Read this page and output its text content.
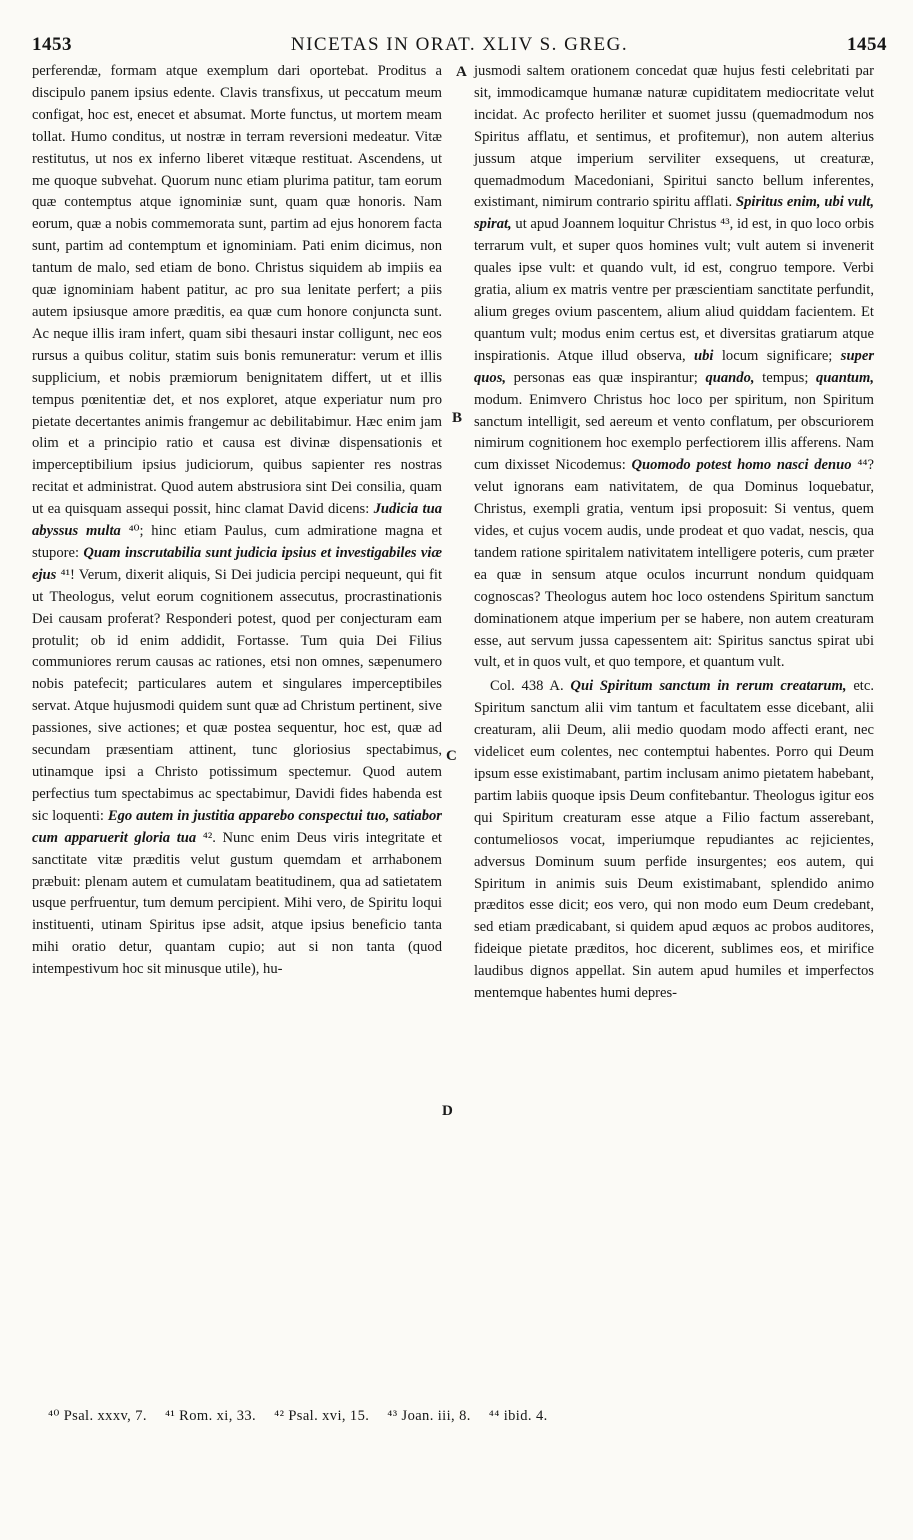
1453	NICETAS IN ORAT. XLIV S. GREG.	1454

perferendæ, formam atque exemplum dari oportebat. Proditus a discipulo panem ipsius edente. Clavis transfixus, ut peccatum meum configat, hoc est, enecet et absumat. Morte functus, ut mortem meam tollat. Humo conditus, ut nostræ in terram reversioni medeatur. Vitæ restitutus, ut nos ex inferno liberet vitæque restituat. Ascendens, ut me quoque subvehat. Quorum nunc etiam plurima patitur, tam eorum quæ contemptus atque ignominiæ sunt, quam quæ honoris. Nam eorum, quæ a nobis commemorata sunt, partim ad ejus honorem facta sunt, partim ad contemptum et ignominiam. Pati enim dicimus, non tantum de malo, sed etiam de bono. Christus siquidem ab impiis ea quæ ignominiam habent patitur, ac pro sua lenitate perfert; a piis autem ipsiusque amore præditis, ea quæ cum honore conjuncta sunt. Ac neque illis iram infert, quam sibi thesauri instar colligunt, nec eos rursus a quibus colitur, statim suis bonis remuneratur: verum et illis supplicium, et nobis præmiorum benignitatem differt, ut et illis tempus pœnitentiæ det, et nos exploret, atque experiatur num pro pietate decertantes animis frangemur ac debilitabimur. Hæc enim jam olim et a principio ratio et causa est divinæ dispensationis et imperceptibilium ipsius judiciorum, quibus sapienter res nostras recitat et administrat. Quod autem abstrusiora sint Dei consilia, quam ut ea quisquam assequi possit, hinc clamat David dicens: Judicia tua abyssus multa ⁴⁰; hinc etiam Paulus, cum admiratione magna et stupore: Quam inscrutabilia sunt judicia ipsius et investigabiles viæ ejus ⁴¹! Verum, dixerit aliquis, Si Dei judicia percipi nequeunt, qui fit ut Theologus, velut eorum cognitionem assecutus, procrastinationis Dei causam proferat? Responderi potest, quod per conjecturam eam protulit; ob id enim addidit, Fortasse. Tum quia Dei Filius communiores rerum causas ac rationes, etsi non omnes, sæpenumero nobis patefecit; particulares autem et singulares imperceptibiles servat. Atque hujusmodi quidem sunt quæ ad Christum pertinent, sive passiones, sive actiones; et quæ postea sequentur, hoc est, quæ ad secundam præsentiam attinent, tunc gloriosius spectabimus, utinamque ipsi a Christo potissimum spectemur. Quod autem perfectius tum spectabimus ac spectabimur, Davidi fides habenda est sic loquenti: Ego autem in justitia apparebo conspectui tuo, satiabor cum apparuerit gloria tua ⁴². Nunc enim Deus viris integritate et sanctitate vitæ præditis velut gustum quemdam et arrhabonem præbuit: plenam autem et cumulatam beatitudinem, qua ad satietatem usque perfruentur, tum demum percipient. Mihi vero, de Spiritu loqui instituenti, utinam Spiritus ipse adsit, atque ipsius beneficio tanta mihi oratio detur, quantam cupio; aut si non tanta (quod intempestivum hoc sit minusque utile), hu-

A
B
C
D

jusmodi saltem orationem concedat quæ hujus festi celebritati par sit, immodicamque humanæ naturæ cupiditatem mediocritate velut incidat. Ac profecto heriliter et suomet jussu (quemadmodum nos Spiritus afflatu, et sentimus, et profitemur), non autem alterius jussum atque imperium serviliter exsequens, ut creaturæ, quemadmodum Macedoniani, Spiritui sancto bellum inferentes, existimant, nimirum contrario spiritu afflati. Spiritus enim, ubi vult, spirat, ut apud Joannem loquitur Christus ⁴³, id est, in quo loco orbis terrarum vult, et super quos homines vult; vult autem si invenerit quales ipse vult: et quando vult, id est, congruo tempore. Verbi gratia, alium ex matris ventre per præscientiam sanctitate perfundit, alium greges ovium pascentem, alium aliud quiddam facientem. Et quantum vult; modus enim certus est, et diversitas gratiarum atque inspirationis. Atque illud observa, ubi locum significare; super quos, personas eas quæ inspirantur; quando, tempus; quantum, modum. Enimvero Christus hoc loco per spiritum, non Spiritum sanctum intelligit, sed aereum et vento conflatum, per obscuriorem nimirum cognitionem hoc exemplo perfectiorem illis afferens. Nam cum dixisset Nicodemus: Quomodo potest homo nasci denuo ⁴⁴? velut ignorans eam nativitatem, de qua Dominus loquebatur, Christus, exempli gratia, ventum ipsi proposuit: Si ventus, quem vides, et cujus vocem audis, unde prodeat et quo vadat, nescis, qua tandem ratione spiritalem nativitatem intelligere poteris, cum præter ea quæ in sensum atque oculos incurrunt nondum quidquam cognoscas? Theologus autem hoc loco ostendens Spiritum sanctum dominationem atque imperium per se habere, non autem creaturam esse, aut servum jussa capessentem ait: Spiritus sanctus spirat ubi vult, et in quos vult, et quo tempore, et quantum vult.

Col. 438 A. Qui Spiritum sanctum in rerum creatarum, etc. Spiritum sanctum alii vim tantum et facultatem esse dicebant, alii creaturam, alii Deum, alii medio quodam modo affecti erant, nec videlicet eum colentes, nec contemptui habentes. Porro qui Deum ipsum esse existimabant, partim inclusam animo pietatem habebant, partim labiis quoque ipsis Deum confitebantur. Theologus igitur eos qui Spiritum creaturam esse atque a Filio factum asserebant, contumeliosos vocat, imperiumque repudiantes ac rejicientes, adversus Dominum suum perfide insurgentes; eos autem, qui Spiritum in animis suis Deum existimabant, splendido animo præditos esse dicit; eos vero, qui non modo eum Deum credebant, sed etiam prædicabant, si quidem apud æquos ac probos auditores, fideique pietate præditos, hoc dicerent, sublimes eos, et mirifice laudibus dignos appellat. Sin autem apud humiles et imperfectos mentemque habentes humi depres-

⁴⁰ Psal. xxxv, 7. ⁴¹ Rom. xi, 33. ⁴² Psal. xvi, 15. ⁴³ Joan. iii, 8. ⁴⁴ ibid. 4.
